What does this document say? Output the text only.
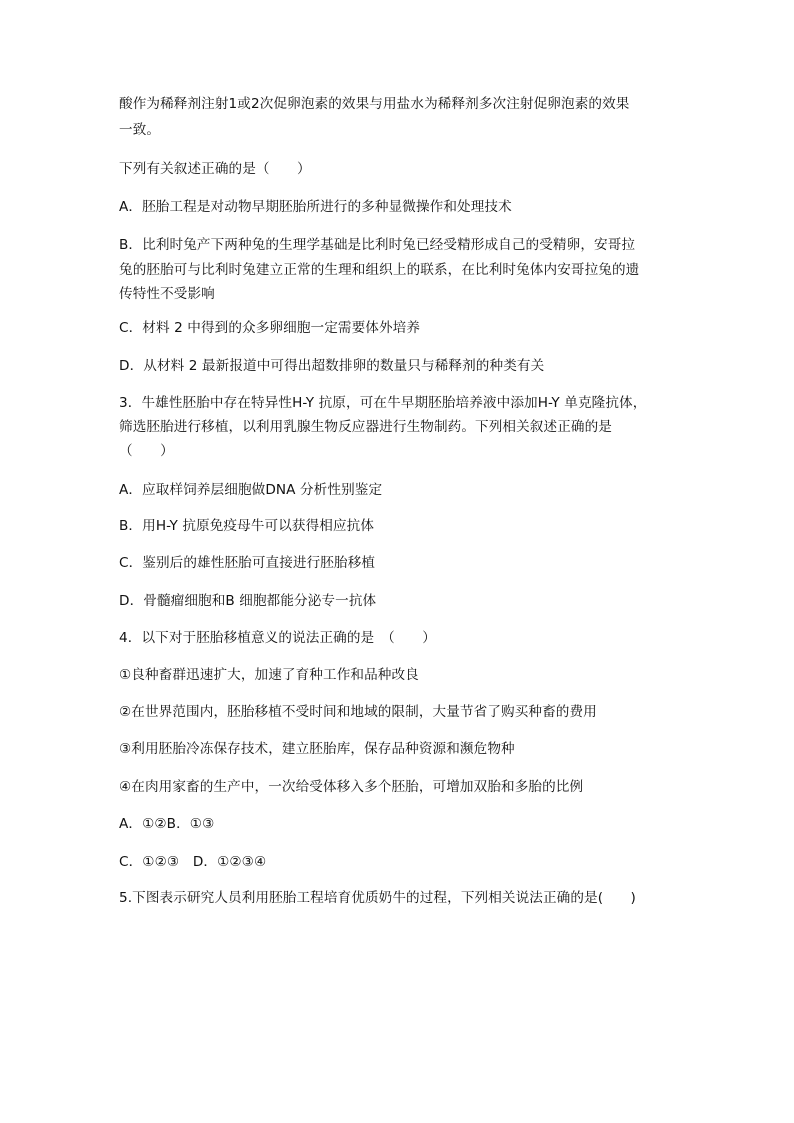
酸作为稀释剂注射1或2次促卵泡素的效果与用盐水为稀释剂多次注射促卵泡素的效果
一致。
下列有关叙述正确的是（　　）
A．胚胎工程是对动物早期胚胎所进行的多种显微操作和处理技术
B．比利时兔产下两种兔的生理学基础是比利时兔已经受精形成自己的受精卵，安哥拉
兔的胚胎可与比利时兔建立正常的生理和组织上的联系，在比利时兔体内安哥拉兔的遗
传特性不受影响
C．材料 2 中得到的众多卵细胞一定需要体外培养
D．从材料 2 最新报道中可得出超数排卵的数量只与稀释剂的种类有关
3．牛雄性胚胎中存在特异性H-Y 抗原，可在牛早期胚胎培养液中添加H-Y 单克隆抗体，
筛选胚胎进行移植，以利用乳腺生物反应器进行生物制药。下列相关叙述正确的是
（　　）
A．应取样饲养层细胞做DNA 分析性别鉴定
B．用H-Y 抗原免疫母牛可以获得相应抗体
C．鉴别后的雄性胚胎可直接进行胚胎移植
D．骨髓瘤细胞和B 细胞都能分泌专一抗体
4．以下对于胚胎移植意义的说法正确的是　（　　）
①良种畜群迅速扩大，加速了育种工作和品种改良
②在世界范围内，胚胎移植不受时间和地域的限制，大量节省了购买种畜的费用
③利用胚胎冷冻保存技术，建立胚胎库，保存品种资源和濒危物种
④在肉用家畜的生产中，一次给受体移入多个胚胎，可增加双胎和多胎的比例
A．①②B．①③
C．①②③　D．①②③④
5.下图表示研究人员利用胚胎工程培育优质奶牛的过程，下列相关说法正确的是(　　)
